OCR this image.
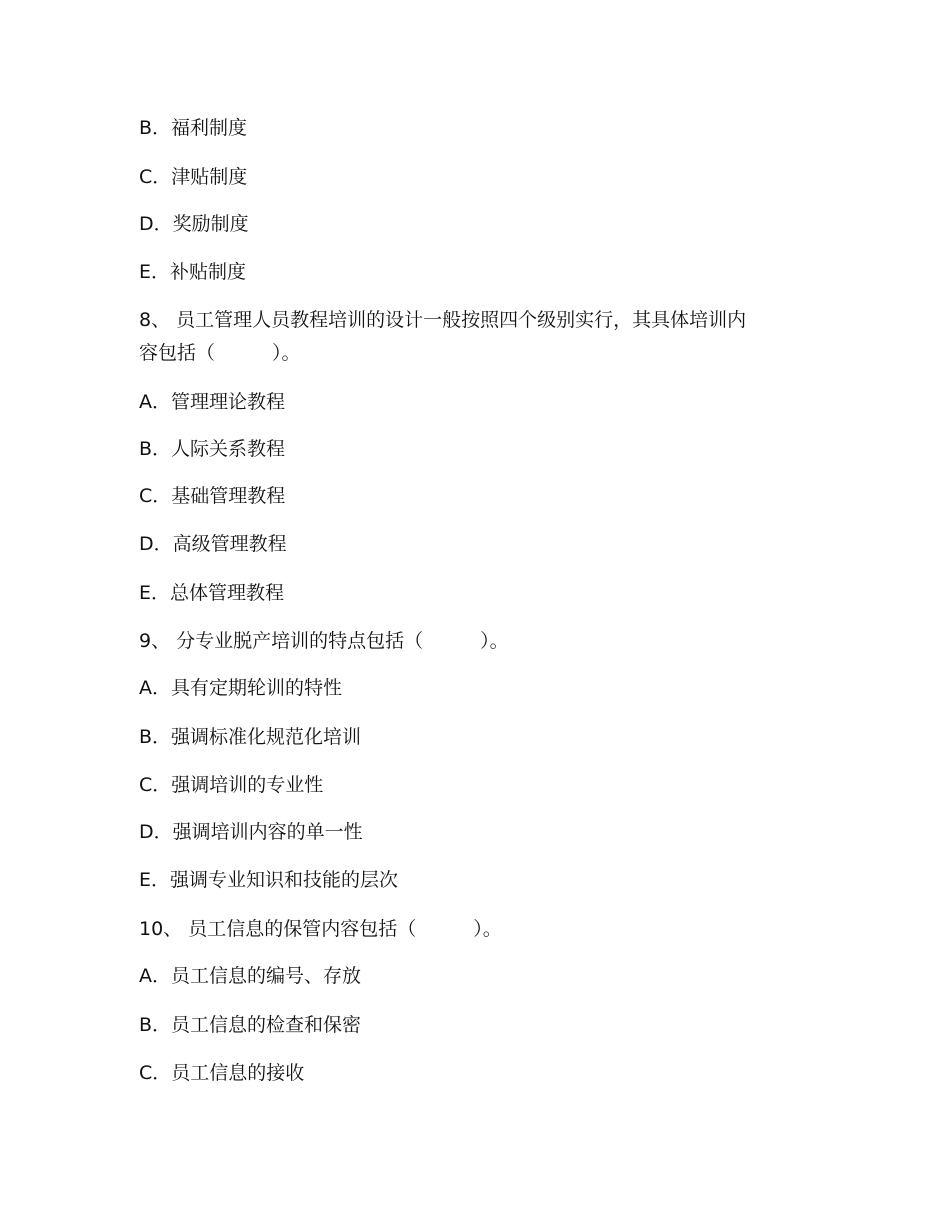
B．福利制度
C．津贴制度
D．奖励制度
E．补贴制度
8、 员工管理人员教程培训的设计一般按照四个级别实行，其具体培训内容包括（　　　）。
A．管理理论教程
B．人际关系教程
C．基础管理教程
D．高级管理教程
E．总体管理教程
9、 分专业脱产培训的特点包括（　　　）。
A．具有定期轮训的特性
B．强调标准化规范化培训
C．强调培训的专业性
D．强调培训内容的单一性
E．强调专业知识和技能的层次
10、 员工信息的保管内容包括（　　　）。
A．员工信息的编号、存放
B．员工信息的检查和保密
C．员工信息的接收
